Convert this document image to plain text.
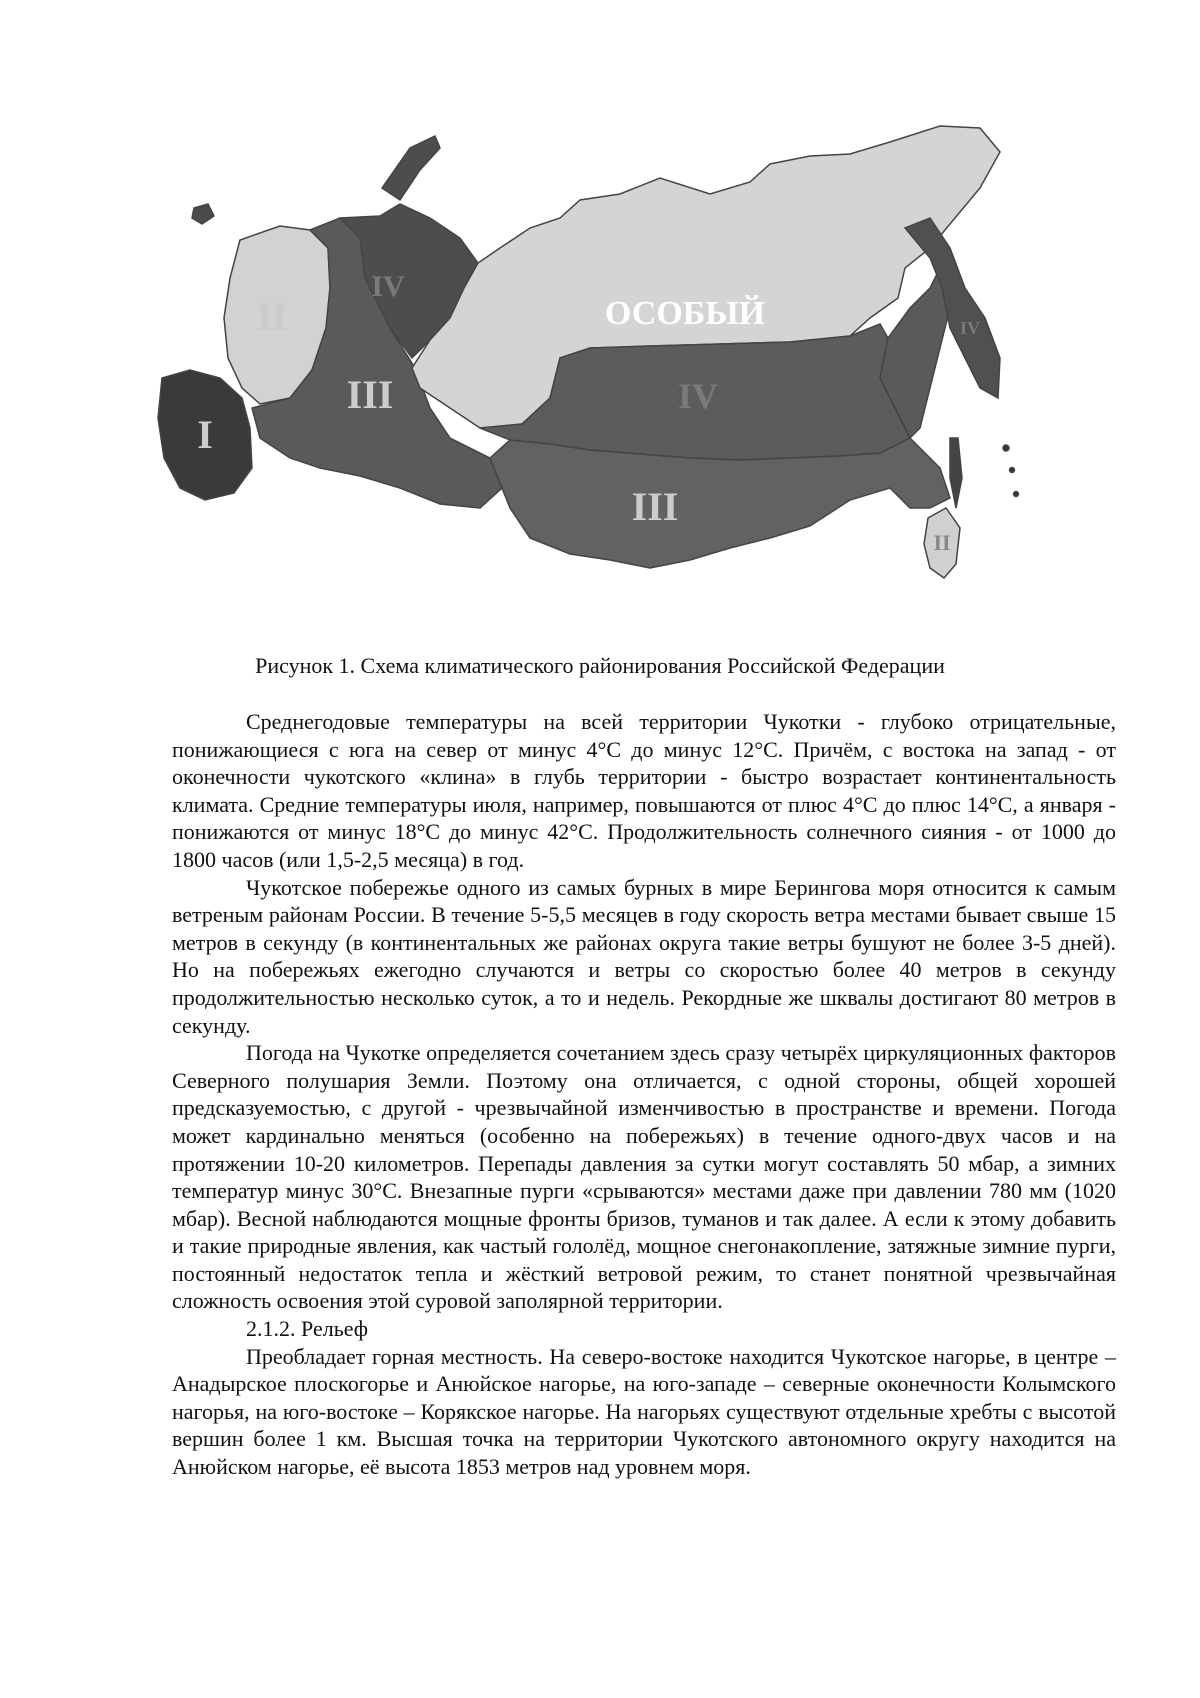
I
II
III
IV
ОСОБЫЙ
IV
III
II
IV
Рисунок 1. Схема климатического районирования Российской Федерации

Среднегодовые температуры на всей территории Чукотки - глубоко отрицательные, понижающиеся с юга на север от минус 4°С до минус 12°С. Причём, с востока на запад - от оконечности чукотского «клина» в глубь территории - быстро возрастает континентальность климата. Средние температуры июля, например, повышаются от плюс 4°С до плюс 14°С, а января - понижаются от минус 18°С до минус 42°С. Продолжительность солнечного сияния - от 1000 до 1800 часов (или 1,5-2,5 месяца) в год.

Чукотское побережье одного из самых бурных в мире Берингова моря относится к самым ветреным районам России. В течение 5-5,5 месяцев в году скорость ветра местами бывает свыше 15 метров в секунду (в континентальных же районах округа такие ветры бушуют не более 3-5 дней). Но на побережьях ежегодно случаются и ветры со скоростью более 40 метров в секунду продолжительностью несколько суток, а то и недель. Рекордные же шквалы достигают 80 метров в секунду.

Погода на Чукотке определяется сочетанием здесь сразу четырёх циркуляционных факторов Северного полушария Земли. Поэтому она отличается, с одной стороны, общей хорошей предсказуемостью, с другой - чрезвычайной изменчивостью в пространстве и времени. Погода может кардинально меняться (особенно на побережьях) в течение одного-двух часов и на протяжении 10-20 километров. Перепады давления за сутки могут составлять 50 мбар, а зимних температур минус 30°С. Внезапные пурги «срываются» местами даже при давлении 780 мм (1020 мбар). Весной наблюдаются мощные фронты бризов, туманов и так далее. А если к этому добавить и такие природные явления, как частый гололёд, мощное снегонакопление, затяжные зимние пурги, постоянный недостаток тепла и жёсткий ветровой режим, то станет понятной чрезвычайная сложность освоения этой суровой заполярной территории.

2.1.2. Рельеф

Преобладает горная местность. На северо-востоке находится Чукотское нагорье, в центре – Анадырское плоскогорье и Анюйское нагорье, на юго-западе – северные оконечности Колымского нагорья, на юго-востоке – Корякское нагорье. На нагорьях существуют отдельные хребты с высотой вершин более 1 км. Высшая точка на территории Чукотского автономного округу находится на Анюйском нагорье, её высота 1853 метров над уровнем моря.
